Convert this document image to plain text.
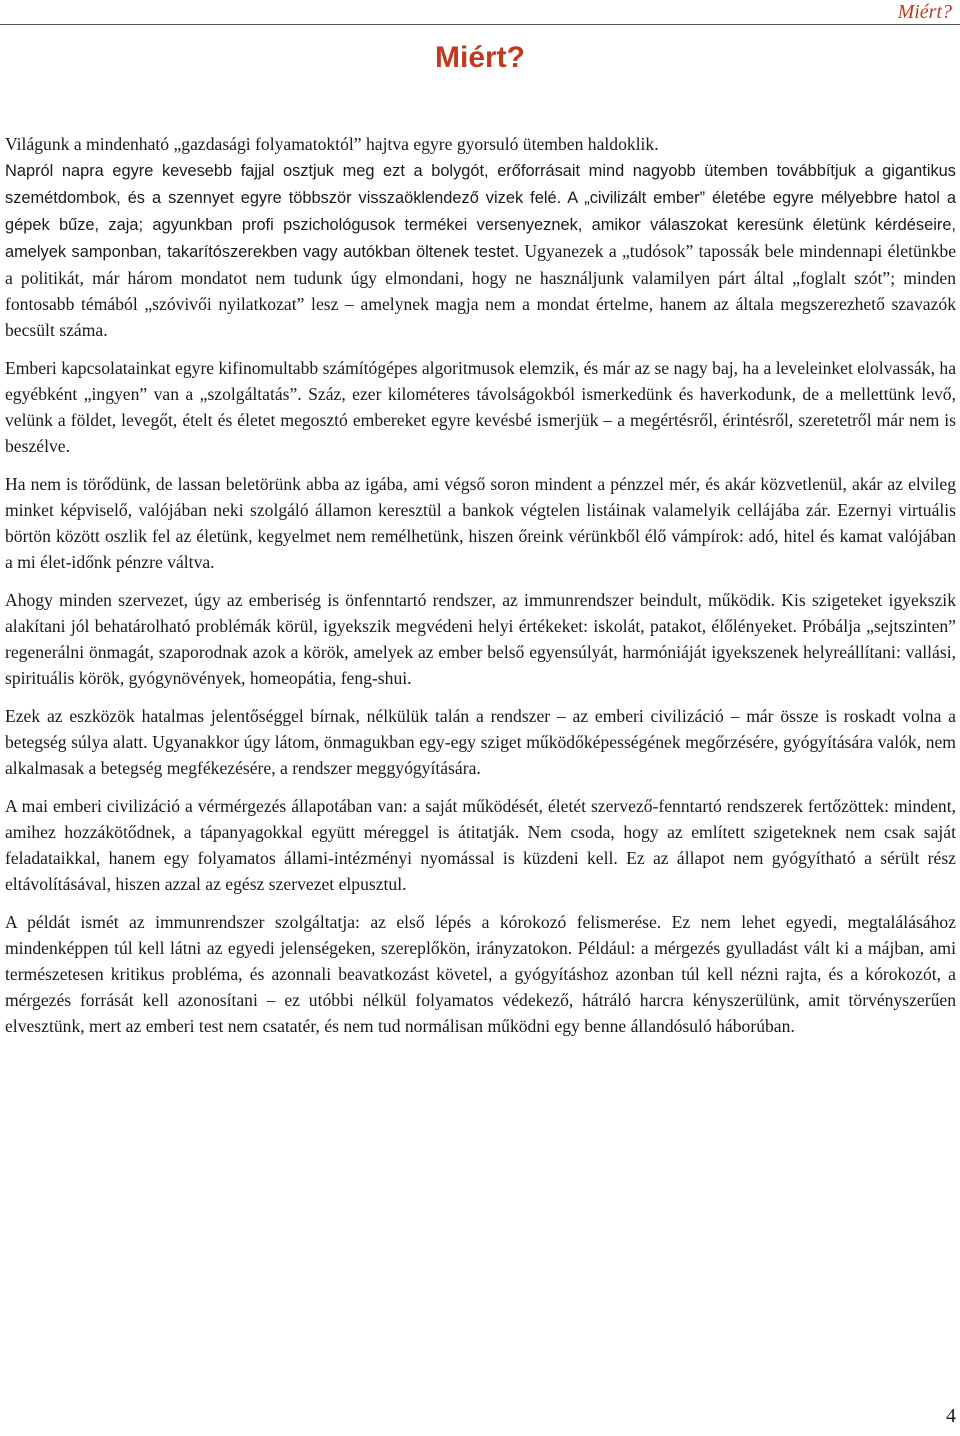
Miért?
Miért?

Világunk a mindenható „gazdasági folyamatoktól” hajtva egyre gyorsuló ütemben haldoklik.

Napról napra egyre kevesebb fajjal osztjuk meg ezt a bolygót, erőforrásait mind nagyobb ütemben továbbítjuk a gigantikus szemétdombok, és a szennyet egyre többször visszaöklendező vizek felé. A „civilizált ember” életébe egyre mélyebbre hatol a gépek bűze, zaja; agyunkban profi pszichológusok termékei versenyeznek, amikor válaszokat keresünk életünk kérdéseire, amelyek samponban, takarítószerekben vagy autókban öltenek testet. Ugyanezek a „tudósok” tapossák bele mindennapi életünkbe a politikát, már három mondatot nem tudunk úgy elmondani, hogy ne használjunk valamilyen párt által „foglalt szót”; minden fontosabb témából „szóvivői nyilatkozat” lesz – amelynek magja nem a mondat értelme, hanem az általa megszerezhető szavazók becsült száma.

Emberi kapcsolatainkat egyre kifinomultabb számítógépes algoritmusok elemzik, és már az se nagy baj, ha a leveleinket elolvassák, ha egyébként „ingyen” van a „szolgáltatás”. Száz, ezer kilométeres távolságokból ismerkedünk és haverkodunk, de a mellettünk levő, velünk a földet, levegőt, ételt és életet megosztó embereket egyre kevésbé ismerjük – a megértésről, érintésről, szeretetről már nem is beszélve.

Ha nem is törődünk, de lassan beletörünk abba az igába, ami végső soron mindent a pénzzel mér, és akár közvetlenül, akár az elvileg minket képviselő, valójában neki szolgáló államon keresztül a bankok végtelen listáinak valamelyik cellájába zár. Ezernyi virtuális börtön között oszlik fel az életünk, kegyelmet nem remélhetünk, hiszen őreink vérünkből élő vámpírok: adó, hitel és kamat valójában a mi élet-időnk pénzre váltva.

Ahogy minden szervezet, úgy az emberiség is önfenntartó rendszer, az immunrendszer beindult, működik. Kis szigeteket igyekszik alakítani jól behatárolható problémák körül, igyekszik megvédeni helyi értékeket: iskolát, patakot, élőlényeket. Próbálja „sejtszinten” regenerálni önmagát, szaporodnak azok a körök, amelyek az ember belső egyensúlyát, harmóniáját igyekszenek helyreállítani: vallási, spirituális körök, gyógynövények, homeopátia, feng-shui.

Ezek az eszközök hatalmas jelentőséggel bírnak, nélkülük talán a rendszer – az emberi civilizáció – már össze is roskadt volna a betegség súlya alatt. Ugyanakkor úgy látom, önmagukban egy-egy sziget működőképességének megőrzésére, gyógyítására valók, nem alkalmasak a betegség megfékezésére, a rendszer meggyógyítására.

A mai emberi civilizáció a vérmérgezés állapotában van: a saját működését, életét szervező-fenntartó rendszerek fertőzöttek: mindent, amihez hozzákötődnek, a tápanyagokkal együtt méreggel is átitatják. Nem csoda, hogy az említett szigeteknek nem csak saját feladataikkal, hanem egy folyamatos állami-intézményi nyomással is küzdeni kell. Ez az állapot nem gyógyítható a sérült rész eltávolításával, hiszen azzal az egész szervezet elpusztul.

A példát ismét az immunrendszer szolgáltatja: az első lépés a kórokozó felismerése. Ez nem lehet egyedi, megtalálásához mindenképpen túl kell látni az egyedi jelenségeken, szereplőkön, irányzatokon. Például: a mérgezés gyulladást vált ki a májban, ami természetesen kritikus probléma, és azonnali beavatkozást követel, a gyógyításhoz azonban túl kell nézni rajta, és a kórokozót, a mérgezés forrását kell azonosítani – ez utóbbi nélkül folyamatos védekező, hátráló harcra kényszerülünk, amit törvényszerűen elvesztünk, mert az emberi test nem csatatér, és nem tud normálisan működni egy benne állandósuló háborúban.

4
